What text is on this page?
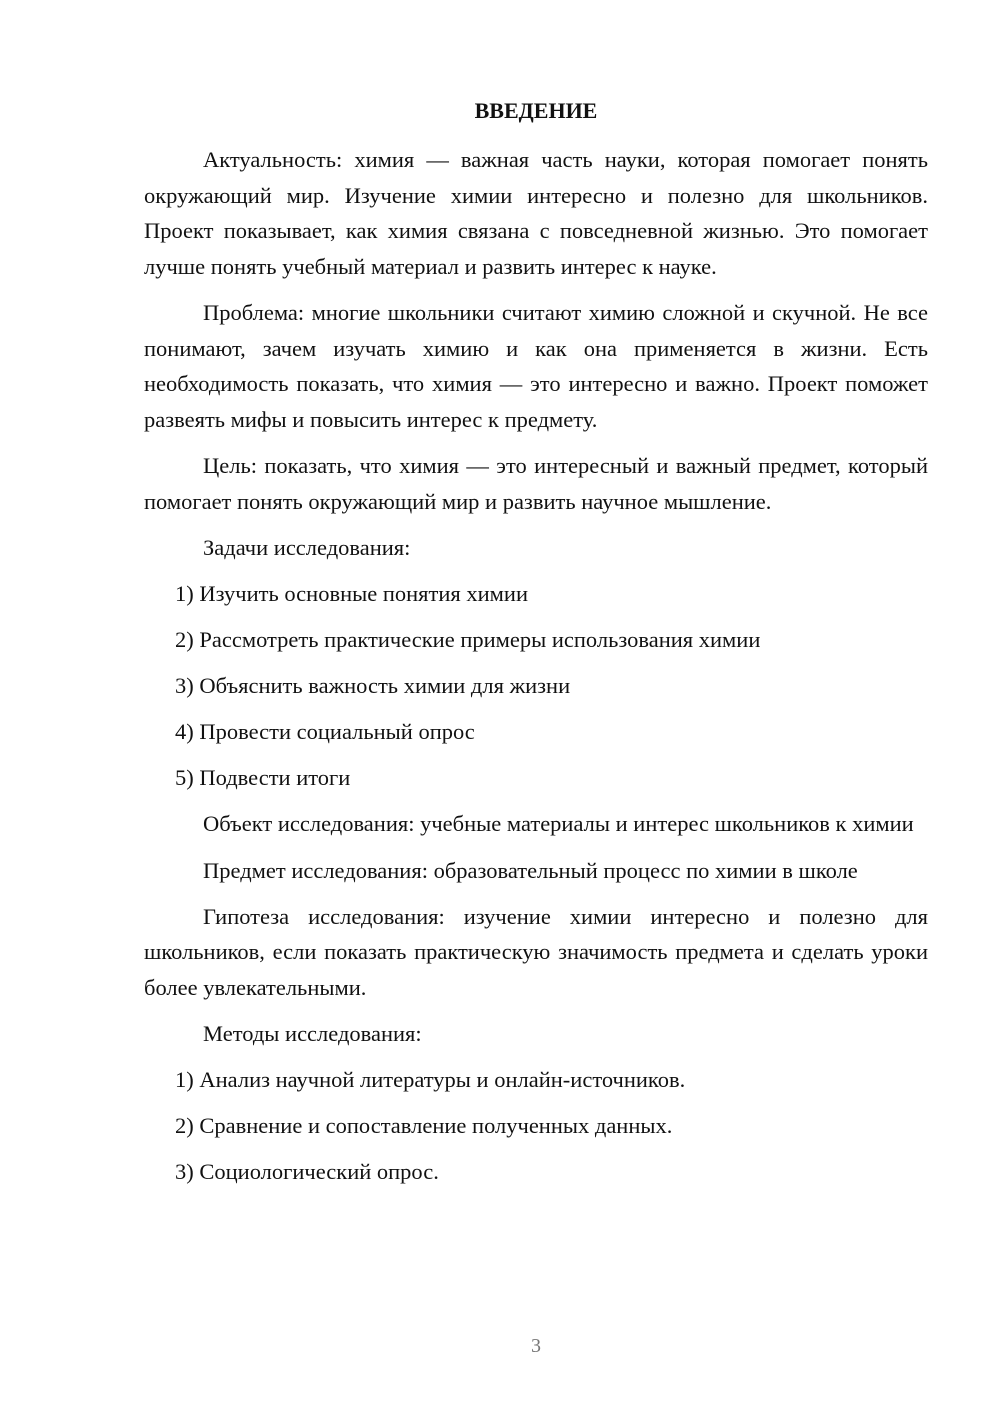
ВВЕДЕНИЕ

Актуальность: химия — важная часть науки, которая помогает понять окружающий мир. Изучение химии интересно и полезно для школьников. Проект показывает, как химия связана с повседневной жизнью. Это помогает лучше понять учебный материал и развить интерес к науке.

Проблема: многие школьники считают химию сложной и скучной. Не все понимают, зачем изучать химию и как она применяется в жизни. Есть необходимость показать, что химия — это интересно и важно. Проект поможет развеять мифы и повысить интерес к предмету.

Цель: показать, что химия — это интересный и важный предмет, который помогает понять окружающий мир и развить научное мышление.

Задачи исследования:

1) Изучить основные понятия химии
2) Рассмотреть практические примеры использования химии
3) Объяснить важность химии для жизни
4) Провести социальный опрос
5) Подвести итоги

Объект исследования: учебные материалы и интерес школьников к химии

Предмет исследования: образовательный процесс по химии в школе

Гипотеза исследования: изучение химии интересно и полезно для школьников, если показать практическую значимость предмета и сделать уроки более увлекательными.

Методы исследования:

1) Анализ научной литературы и онлайн-источников.
2) Сравнение и сопоставление полученных данных.
3) Социологический опрос.
3
